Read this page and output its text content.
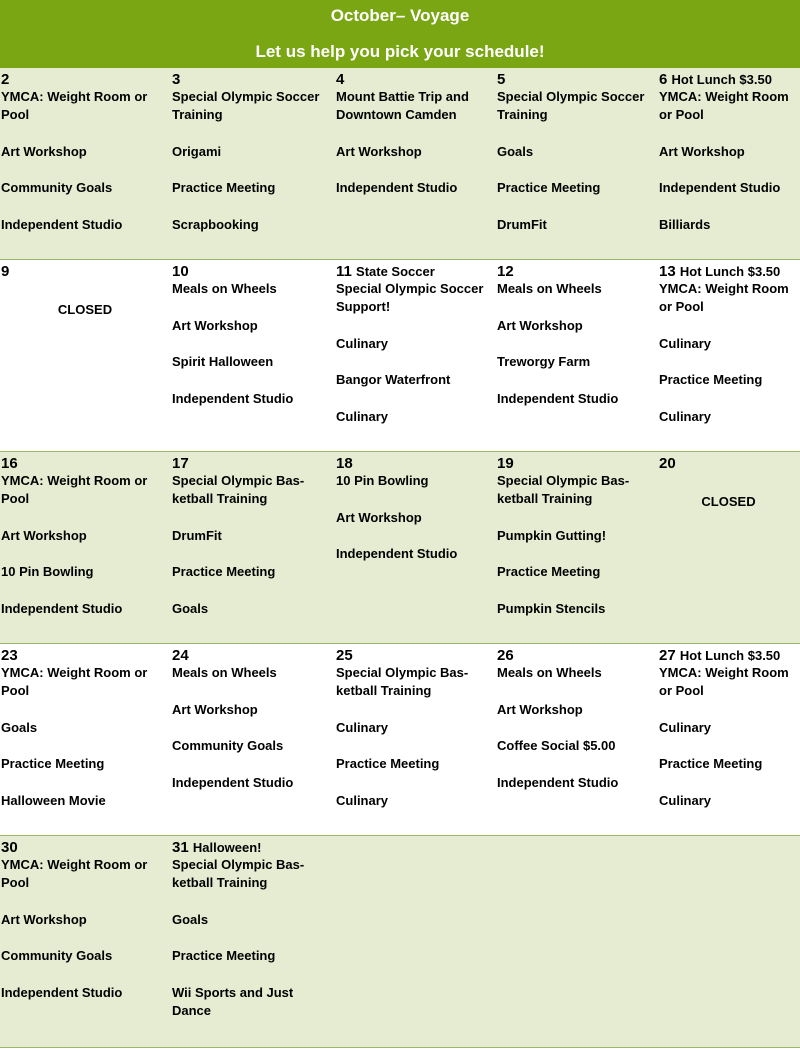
October– Voyage
Let us help you pick your schedule!
2
YMCA: Weight Room or Pool
Art Workshop
Community Goals
Independent Studio
3
Special Olympic Soccer Training
Origami
Practice Meeting
Scrapbooking
4
Mount Battie Trip and Downtown Camden
Art Workshop
Independent Studio
5
Special Olympic Soccer Training
Goals
Practice Meeting
DrumFit
6 Hot Lunch $3.50
YMCA: Weight Room or Pool
Art Workshop
Independent Studio
Billiards
9
CLOSED
10
Meals on Wheels
Art Workshop
Spirit Halloween
Independent Studio
11 State Soccer
Special Olympic Soccer Support!
Culinary
Bangor Waterfront
Culinary
12
Meals on Wheels
Art Workshop
Treworgy Farm
Independent Studio
13 Hot Lunch $3.50
YMCA: Weight Room or Pool
Culinary
Practice Meeting
Culinary
16
YMCA: Weight Room or Pool
Art Workshop
10 Pin Bowling
Independent Studio
17
Special Olympic Bas-ketball Training
DrumFit
Practice Meeting
Goals
18
10 Pin Bowling
Art Workshop
Independent Studio
19
Special Olympic Bas-ketball Training
Pumpkin Gutting!
Practice Meeting
Pumpkin Stencils
20
CLOSED
23
YMCA: Weight Room or Pool
Goals
Practice Meeting
Halloween Movie
24
Meals on Wheels
Art Workshop
Community Goals
Independent Studio
25
Special Olympic Bas-ketball Training
Culinary
Practice Meeting
Culinary
26
Meals on Wheels
Art Workshop
Coffee Social $5.00
Independent Studio
27 Hot Lunch $3.50
YMCA: Weight Room or Pool
Culinary
Practice Meeting
Culinary
30
YMCA: Weight Room or Pool
Art Workshop
Community Goals
Independent Studio
31 Halloween!
Special Olympic Bas-ketball Training
Goals
Practice Meeting
Wii Sports and Just Dance
